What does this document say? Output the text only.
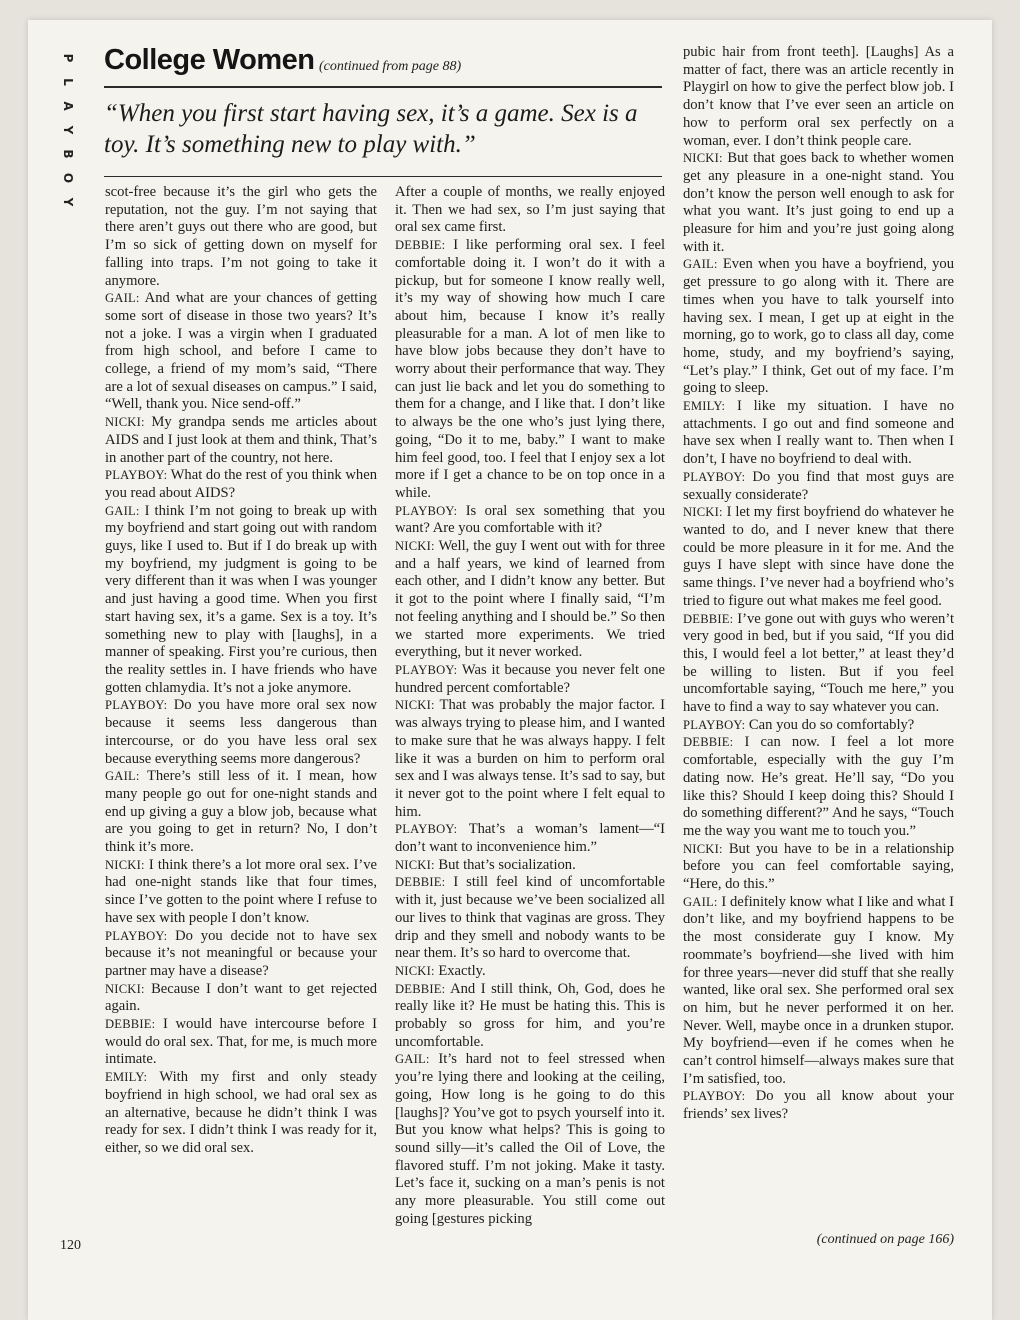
P
L
A
Y
B
O
Y
College Women (continued from page 88)
“When you first start having sex, it’s a game. Sex is a toy. It’s something new to play with.”

scot-free because it’s the girl who gets the reputation, not the guy. I’m not saying that there aren’t guys out there who are good, but I’m so sick of getting down on myself for falling into traps. I’m not going to take it anymore.

GAIL: And what are your chances of getting some sort of disease in those two years? It’s not a joke. I was a virgin when I graduated from high school, and before I came to college, a friend of my mom’s said, “There are a lot of sexual diseases on campus.” I said, “Well, thank you. Nice send-off.”

NICKI: My grandpa sends me articles about AIDS and I just look at them and think, That’s in another part of the country, not here.

PLAYBOY: What do the rest of you think when you read about AIDS?

GAIL: I think I’m not going to break up with my boyfriend and start going out with random guys, like I used to. But if I do break up with my boyfriend, my judgment is going to be very different than it was when I was younger and just having a good time. When you first start having sex, it’s a game. Sex is a toy. It’s something new to play with [laughs], in a manner of speaking. First you’re curious, then the reality settles in. I have friends who have gotten chlamydia. It’s not a joke anymore.

PLAYBOY: Do you have more oral sex now because it seems less dangerous than intercourse, or do you have less oral sex because everything seems more dangerous?

GAIL: There’s still less of it. I mean, how many people go out for one-night stands and end up giving a guy a blow job, because what are you going to get in return? No, I don’t think it’s more.

NICKI: I think there’s a lot more oral sex. I’ve had one-night stands like that four times, since I’ve gotten to the point where I refuse to have sex with people I don’t know.

PLAYBOY: Do you decide not to have sex because it’s not meaningful or because your partner may have a disease?

NICKI: Because I don’t want to get rejected again.

DEBBIE: I would have intercourse before I would do oral sex. That, for me, is much more intimate.

EMILY: With my first and only steady boyfriend in high school, we had oral sex as an alternative, because he didn’t think I was ready for sex. I didn’t think I was ready for it, either, so we did oral sex.

After a couple of months, we really enjoyed it. Then we had sex, so I’m just saying that oral sex came first.

DEBBIE: I like performing oral sex. I feel comfortable doing it. I won’t do it with a pickup, but for someone I know really well, it’s my way of showing how much I care about him, because I know it’s really pleasurable for a man. A lot of men like to have blow jobs because they don’t have to worry about their performance that way. They can just lie back and let you do something to them for a change, and I like that. I don’t like to always be the one who’s just lying there, going, “Do it to me, baby.” I want to make him feel good, too. I feel that I enjoy sex a lot more if I get a chance to be on top once in a while.

PLAYBOY: Is oral sex something that you want? Are you comfortable with it?

NICKI: Well, the guy I went out with for three and a half years, we kind of learned from each other, and I didn’t know any better. But it got to the point where I finally said, “I’m not feeling anything and I should be.” So then we started more experiments. We tried everything, but it never worked.

PLAYBOY: Was it because you never felt one hundred percent comfortable?

NICKI: That was probably the major factor. I was always trying to please him, and I wanted to make sure that he was always happy. I felt like it was a burden on him to perform oral sex and I was always tense. It’s sad to say, but it never got to the point where I felt equal to him.

PLAYBOY: That’s a woman’s lament—“I don’t want to inconvenience him.”

NICKI: But that’s socialization.

DEBBIE: I still feel kind of uncomfortable with it, just because we’ve been socialized all our lives to think that vaginas are gross. They drip and they smell and nobody wants to be near them. It’s so hard to overcome that.

NICKI: Exactly.

DEBBIE: And I still think, Oh, God, does he really like it? He must be hating this. This is probably so gross for him, and you’re uncomfortable.

GAIL: It’s hard not to feel stressed when you’re lying there and looking at the ceiling, going, How long is he going to do this [laughs]? You’ve got to psych yourself into it. But you know what helps? This is going to sound silly—it’s called the Oil of Love, the flavored stuff. I’m not joking. Make it tasty. Let’s face it, sucking on a man’s penis is not any more pleasurable. You still come out going [gestures picking

pubic hair from front teeth]. [Laughs] As a matter of fact, there was an article recently in Playgirl on how to give the perfect blow job. I don’t know that I’ve ever seen an article on how to perform oral sex perfectly on a woman, ever. I don’t think people care.

NICKI: But that goes back to whether women get any pleasure in a one-night stand. You don’t know the person well enough to ask for what you want. It’s just going to end up a pleasure for him and you’re just going along with it.

GAIL: Even when you have a boyfriend, you get pressure to go along with it. There are times when you have to talk yourself into having sex. I mean, I get up at eight in the morning, go to work, go to class all day, come home, study, and my boyfriend’s saying, “Let’s play.” I think, Get out of my face. I’m going to sleep.

EMILY: I like my situation. I have no attachments. I go out and find someone and have sex when I really want to. Then when I don’t, I have no boyfriend to deal with.

PLAYBOY: Do you find that most guys are sexually considerate?

NICKI: I let my first boyfriend do whatever he wanted to do, and I never knew that there could be more pleasure in it for me. And the guys I have slept with since have done the same things. I’ve never had a boyfriend who’s tried to figure out what makes me feel good.

DEBBIE: I’ve gone out with guys who weren’t very good in bed, but if you said, “If you did this, I would feel a lot better,” at least they’d be willing to listen. But if you feel uncomfortable saying, “Touch me here,” you have to find a way to say whatever you can.

PLAYBOY: Can you do so comfortably?

DEBBIE: I can now. I feel a lot more comfortable, especially with the guy I’m dating now. He’s great. He’ll say, “Do you like this? Should I keep doing this? Should I do something different?” And he says, “Touch me the way you want me to touch you.”

NICKI: But you have to be in a relationship before you can feel comfortable saying, “Here, do this.”

GAIL: I definitely know what I like and what I don’t like, and my boyfriend happens to be the most considerate guy I know. My roommate’s boyfriend—she lived with him for three years—never did stuff that she really wanted, like oral sex. She performed oral sex on him, but he never performed it on her. Never. Well, maybe once in a drunken stupor. My boyfriend—even if he comes when he can’t control himself—always makes sure that I’m satisfied, too.

PLAYBOY: Do you all know about your friends’ sex lives?

(continued on page 166)
120
